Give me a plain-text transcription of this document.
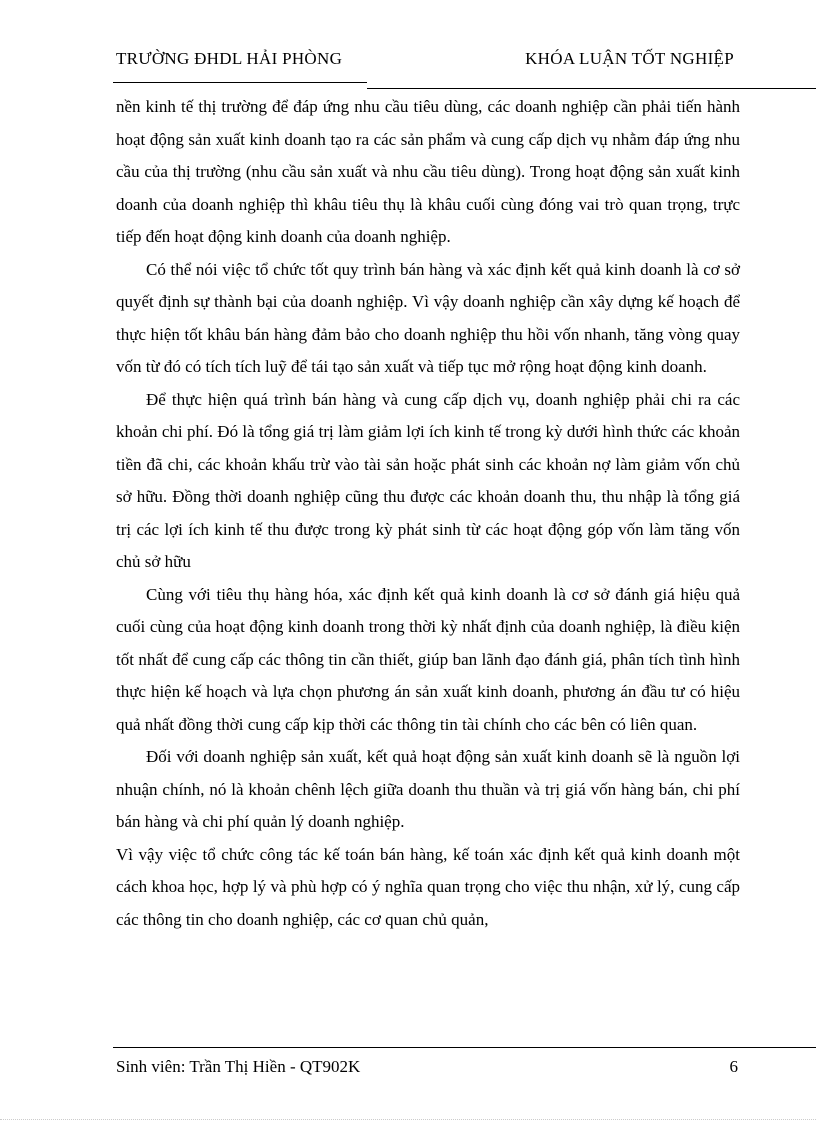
TRƯỜNG ĐHDL HẢI PHÒNG	KHÓA LUẬN TỐT NGHIỆP

nền kinh tế thị trường để đáp ứng nhu cầu tiêu dùng, các doanh nghiệp cần phải tiến hành hoạt động sản xuất kinh doanh tạo ra các sản phẩm và cung cấp dịch vụ nhằm đáp ứng nhu cầu của thị trường (nhu cầu sản xuất và nhu cầu tiêu dùng). Trong hoạt động sản xuất kinh doanh của doanh nghiệp thì khâu tiêu thụ là khâu cuối cùng đóng vai trò quan trọng, trực tiếp đến hoạt động kinh doanh của doanh nghiệp.

Có thể nói việc tổ chức tốt quy trình bán hàng và xác định kết quả kinh doanh là cơ sở quyết định sự thành bại của doanh nghiệp. Vì vậy doanh nghiệp cần xây dựng kế hoạch để thực hiện tốt khâu bán hàng đảm bảo cho doanh nghiệp thu hồi vốn nhanh, tăng vòng quay vốn từ đó có tích tích luỹ để tái tạo sản xuất và tiếp tục mở rộng hoạt động kinh doanh.

Để thực hiện quá trình bán hàng và cung cấp dịch vụ, doanh nghiệp phải chi ra các khoản chi phí. Đó là tổng giá trị làm giảm lợi ích kinh tế trong kỳ dưới hình thức các khoản tiền đã chi, các khoản khấu trừ vào tài sản hoặc phát sinh các khoản nợ làm giảm vốn chủ sở hữu. Đồng thời doanh nghiệp cũng thu được các khoản doanh thu, thu nhập là tổng giá trị các lợi ích kinh tế thu được trong kỳ phát sinh từ các hoạt động góp vốn làm tăng vốn chủ sở hữu

Cùng với tiêu thụ hàng hóa, xác định kết quả kinh doanh là cơ sở đánh giá hiệu quả cuối cùng của hoạt động kinh doanh trong thời kỳ nhất định của doanh nghiệp, là điều kiện tốt nhất để cung cấp các thông tin cần thiết, giúp ban lãnh đạo đánh giá, phân tích tình hình thực hiện kế hoạch và lựa chọn phương án sản xuất kinh doanh, phương án đầu tư có hiệu quả nhất đồng thời cung cấp kịp thời các thông tin tài chính cho các bên có liên quan.

Đối với doanh nghiệp sản xuất, kết quả hoạt động sản xuất kinh doanh sẽ là nguồn lợi nhuận chính, nó là khoản chênh lệch giữa doanh thu thuần và trị giá vốn hàng bán, chi phí bán hàng và chi phí quản lý doanh nghiệp.

Vì vậy việc tổ chức công tác kế toán bán hàng, kế toán xác định kết quả kinh doanh một cách khoa học, hợp lý và phù hợp có ý nghĩa quan trọng cho việc thu nhận, xử lý, cung cấp các thông tin cho doanh nghiệp, các cơ quan chủ quản,

Sinh viên: Trần Thị Hiền - QT902K	6
